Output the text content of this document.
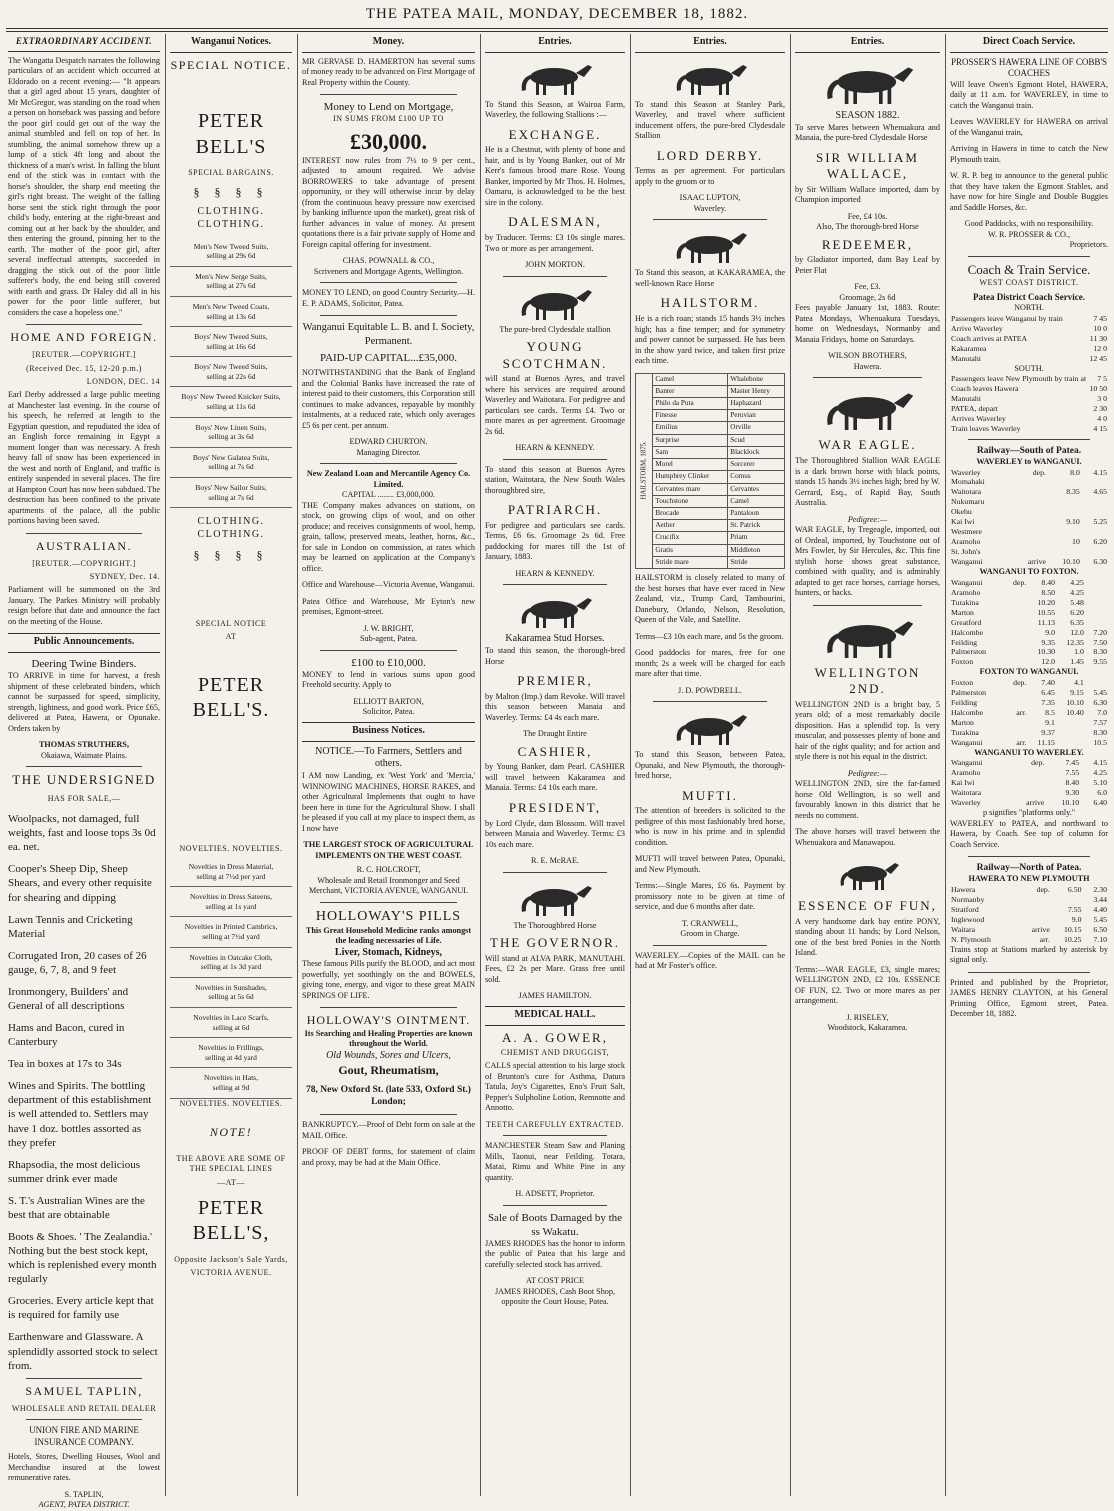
THE PATEA MAIL, MONDAY, DECEMBER 18, 1882.
EXTRAORDINARY ACCIDENT.
The Wangatta Despatch narrates the following particulars of an accident which occurred at Eldorado on a recent evening:— "It appears that a girl aged about 15 years, daughter of Mr McGregor, was standing on the road when a person on horseback was passing and before the poor girl could get out of the way the animal stumbled and fell on top of her. In stumbling, the animal somehow threw up a lump of a stick 4ft long and about the thickness of a man's wrist. In falling the blunt end of the stick was in contact with the horse's shoulder, the sharp end meeting the girl's right breast. The weight of the falling horse sent the stick right through the poor child's body, entering at the right-breast and coming out at her back by the shoulder, and then entering the ground, pinning her to the earth. The mother of the poor girl, after several ineffectual attempts, succeeded in dragging the stick out of the poor little sufferer's body, the end being still covered with earth and grass. Dr Haley did all in his power for the poor little sufferer, but considers the case a hopeless one."
HOME AND FOREIGN.
[REUTER.—COPYRIGHT.]
(Received Dec. 15, 12-20 p.m.)
LONDON, DEC. 14
Earl Derby addressed a large public meeting at Manchester last evening. In the course of his speech, he referred at length to the Egyptian question, and repudiated the idea of an English force remaining in Egypt a moment longer than was necessary. A fresh heavy fall of snow has been experienced in the west and north of England, and traffic is entirely suspended in several places. The fire at Hampton Court has now been subdued. The destruction has been confined to the private apartments of the palace, all the public portions having been saved.
AUSTRALIAN.
[REUTER.—COPYRIGHT.]
SYDNEY, Dec. 14.
Parliament will be summoned on the 3rd January. The Parkes Ministry will probably resign before that date and announce the fact on the meeting of the House.
Public Announcements.
Deering Twine Binders.
TO ARRIVE in time for harvest, a fresh shipment of these celebrated binders, which cannot be surpassed for speed, simplicity, strength, lightness, and good work. Price £65, delivered at Patea, Hawera, or Opunake. Orders taken by
THOMAS STRUTHERS,
Okaiawa, Waimate Plains.
THE UNDERSIGNED
HAS FOR SALE,—
Woolpacks, not damaged, full weights, fast and loose tops 3s 0d ea. net.
Cooper's Sheep Dip, Sheep Shears, and every other requisite for shearing and dipping
Lawn Tennis and Cricketing Material
Corrugated Iron, 20 cases of 26 gauge, 6, 7, 8, and 9 feet
Ironmongery, Builders' and General of all descriptions
Hams and Bacon, cured in Canterbury
Tea in boxes at 17s to 34s
Wines and Spirits. The bottling department of this establishment is well attended to. Settlers may have 1 doz. bottles assorted as they prefer
Rhapsodia, the most delicious summer drink ever made
S. T.'s Australian Wines are the best that are obtainable
Boots & Shoes. ' The Zealandia.' Nothing but the best stock kept, which is replenished every month regularly
Groceries. Every article kept that is required for family use
Earthenware and Glassware. A splendidly assorted stock to select from.
SAMUEL TAPLIN,
WHOLESALE AND RETAIL DEALER
UNION FIRE AND MARINE INSURANCE COMPANY.
Hotels, Stores, Dwelling Houses, Wool and Merchandise insured at the lowest remunerative rates.
S. TAPLIN,
AGENT, PATEA DISTRICT.
Wanganui Notices.
SPECIAL NOTICE.
PETER BELL'S
SPECIAL BARGAINS.
§ § § §
CLOTHING. CLOTHING.
Men's New Tweed Suits,
selling at 29s 6d
Men's New Serge Suits,
selling at 27s 6d
Men's New Tweed Coats,
selling at 13s 6d
Boys' New Tweed Suits,
selling at 16s 6d
Boys' New Tweed Suits,
selling at 22s 6d
Boys' New Tweed Knicker Suits,
selling at 11s 6d
Boys' New Linen Suits,
selling at 3s 6d
Boys' New Galatea Suits,
selling at 7s 6d
Boys' New Sailor Suits,
selling at 7s 6d
CLOTHING. CLOTHING.
§ § § §
SPECIAL NOTICE
AT
PETER BELL'S.
NOVELTIES. NOVELTIES.
Novelties in Dress Material,
selling at 7½d per yard
Novelties in Dress Sateens,
selling at 1s yard
Novelties in Printed Cambrics,
selling at 7½d yard
Novelties in Oatcake Cloth,
selling at 1s 3d yard
Novelties in Sunshades,
selling at 5s 6d
Novelties in Lace Scarfs,
selling at 6d
Novelties in Frillings,
selling at 4d yard
Novelties in Hats,
selling at 9d
NOVELTIES. NOVELTIES.
NOTE!
THE ABOVE ARE SOME OF THE SPECIAL LINES
—AT—
PETER BELL'S,
Opposite Jackson's Sale Yards,
VICTORIA AVENUE.
Money.
MR GERVASE D. HAMERTON has several sums of money ready to be advanced on First Mortgage of Real Property within the County.
Money to Lend on Mortgage,
IN SUMS FROM £100 UP TO
£30,000.
INTEREST now rules from 7½ to 9 per cent., adjusted to amount required. We advise BORROWERS to take advantage of present opportunity, or they will otherwise incur by delay (from the continuous heavy pressure now exercised by banking influence upon the market), great risk of further advances in value of money. At present quotations there is a fair private supply of Home and Foreign capital offering for investment.
CHAS. POWNALL & CO.,
Scriveners and Mortgage Agents, Wellington.
MONEY TO LEND, on good Country Security.—H. E. P. ADAMS, Solicitor, Patea.
Wanganui Equitable L. B. and I. Society, Permanent.
PAID-UP CAPITAL...£35,000.
NOTWITHSTANDING that the Bank of England and the Colonial Banks have increased the rate of interest paid to their customers, this Corporation still continues to make advances, repayable by monthly instalments, at a reduced rate, which only averages £5 6s per cent. per annum.
EDWARD CHURTON.
Managing Director.
New Zealand Loan and Mercantile Agency Co. Limited.
CAPITAL ........ £3,000,000.
THE Company makes advances on stations, on stock, on growing clips of wool, and on other produce; and receives consignments of wool, hemp, grain, tallow, preserved meats, leather, horns, &c., for sale in London on commission, at rates which may be learned on application at the Company's office.
Office and Warehouse—Victoria Avenue, Wanganui.
Patea Office and Warehouse, Mr Eyton's new premises, Egmont-street.
J. W. BRIGHT,
Sub-agent, Patea.
£100 to £10,000.
MONEY to lend in various sums upon good Freehold security. Apply to
ELLIOTT BARTON,
Solicitor, Patea.
Business Notices.
NOTICE.—To Farmers, Settlers and others.
I AM now Landing, ex 'West York' and 'Mercia,' WINNOWING MACHINES, HORSE RAKES, and other Agricultural Implements that ought to have been here in time for the Agricultural Show. I shall be pleased if you call at my place to inspect them, as I now have
THE LARGEST STOCK OF AGRICULTURAL IMPLEMENTS ON THE WEST COAST.
R. C. HOLCROFT,
Wholesale and Retail Ironmonger and Seed Merchant, VICTORIA AVENUE, WANGANUI.
HOLLOWAY'S PILLS
This Great Household Medicine ranks amongst the leading necessaries of Life.
Liver, Stomach, Kidneys,
These famous Pills purify the BLOOD, and act most powerfully, yet soothingly on the and BOWELS, giving tone, energy, and vigor to these great MAIN SPRINGS OF LIFE.
HOLLOWAY'S OINTMENT.
Its Searching and Healing Properties are known throughout the World.
Old Wounds, Sores and Ulcers,
Gout, Rheumatism,
78, New Oxford St. (late 533, Oxford St.) London;
BANKRUPTCY.—Proof of Debt form on sale at the MAIL Office.
PROOF OF DEBT forms, for statement of claim and proxy, may be had at the Main Office.
Entries.
To Stand this Season, at Wairoa Farm, Waverley, the following Stallions :—
EXCHANGE.
He is a Chestnut, with plenty of bone and hair, and is by Young Banker, out of Mr Kerr's famous brood mare Rose. Young Banker, imported by Mr Thos. H. Holmes, Oamaru, is acknowledged to be the best sire in the colony.
DALESMAN,
by Traducer. Terms: £3 10s single mares. Two or more as per arrangement.
JOHN MORTON.
The pure-bred Clydesdale stallion
YOUNG SCOTCHMAN.
will stand at Buenos Ayres, and travel where his services are required around Waverley and Waitotara. For pedigree and particulars see cards. Terms £4. Two or more mares as per agreement. Groomage 2s 6d.
HEARN & KENNEDY.
To stand this season at Buenos Ayres station, Waitotara, the New South Wales thoroughbred sire,
PATRIARCH.
For pedigree and particulars see cards. Terms, £6 6s. Groomage 2s 6d. Free paddocking for mares till the 1st of January, 1883.
HEARN & KENNEDY.
Kakaramea Stud Horses.
To stand this season, the thorough-bred Horse
PREMIER,
by Malton (Imp.) dam Revoke. Will travel this season between Manaia and Waverley. Terms: £4 4s each mare.
The Draught Entire
CASHIER,
by Young Banker, dam Pearl. CASHIER will travel between Kakaramea and Manaia. Terms: £4 10s each mare.
PRESIDENT,
by Lord Clyde, dam Blossom. Will travel between Manaia and Waverley. Terms: £3 10s each mare.
R. E. McRAE.
The Thoroughbred Horse
THE GOVERNOR.
Will stand at ALVA PARK, MANUTAHI. Fees, £2 2s per Mare. Grass free until sold.
JAMES HAMILTON.
MEDICAL HALL.
A. A. GOWER,
CHEMIST AND DRUGGIST,
CALLS special attention to his large stock of Brunton's cure for Asthma, Datura Tatula, Joy's Cigarettes, Eno's Fruit Salt, Pepper's Sulpholine Lotion, Remnotte and Annotto.
TEETH CAREFULLY EXTRACTED.
MANCHESTER Steam Saw and Planing Mills, Taonui, near Feilding. Totara, Matai, Rimu and White Pine in any quantity.
H. ADSETT, Proprietor.
Sale of Boots Damaged by the ss Wakatu.
JAMES RHODES has the honor to inform the public of Patea that his large and carefully selected stock has arrived.
AT COST PRICE
JAMES RHODES, Cash Boot Shop, opposite the Court House, Patea.
Entries.
To stand this Season at Stanley Park, Waverley, and travel where sufficient inducement offers, the pure-bred Clydesdale Stallion
LORD DERBY.
Terms as per agreement. For particulars apply to the groom or to
ISAAC LUPTON,
Waverley.
To Stand this season, at KAKARAMEA, the well-known Race Horse
HAILSTORM.
He is a rich roan; stands 15 hands 3½ inches high; has a fine temper; and for symmetry and power cannot be surpassed. He has been in the show yard twice, and taken first prize each time.
HAILSTORM, 1875.	Camel	Whalebone
	Banter	Master Henry
	Philo da Puta	Haphazard
	Finesse	Peruvian
	Emilius	Orville
	Surprise	Scud
	Sam	Blacklock
	Morel	Sorcerer
	Humphrey Clinker	Comus
	Cervantes mare	Cervantes
	Touchstone	Camel
	Brocade	Pantaloon
	Aether	St. Patrick
	Crucifix	Priam
	Gratis	Middleton
	Stride mare	Stride
HAILSTORM is closely related to many of the best horses that have ever raced in New Zealand, viz., Trump Card, Tambourini, Danebury, Orlando, Nelson, Resolution, Queen of the Vale, and Satellite.
Terms—£3 10s each mare, and 5s the groom.
Good paddocks for mares, free for one month; 2s a week will be charged for each mare after that time.
J. D. POWDRELL.
To stand this Season, between Patea, Opunaki, and New Plymouth, the thorough-bred horse,
MUFTI.
The attention of breeders is solicited to the pedigree of this most fashionably bred horse, who is now in his prime and in splendid condition.
MUFTI will travel between Patea, Opunaki, and New Plymouth.
Terms:—Single Mares, £6 6s. Payment by promissory note to be given at time of service, and due 6 months after date.
T. CRANWELL,
Groom in Charge.
WAVERLEY.—Copies of the MAIL can be had at Mr Foster's office.
Entries.
SEASON 1882.
To serve Mares between Whenuakura and Manaia, the pure-bred Clydesdale Horse
SIR WILLIAM WALLACE,
by Sir William Wallace imported, dam by Champion imported
Fee, £4 10s.
Also, The thorough-bred Horse
REDEEMER,
by Gladiator imported, dam Bay Leaf by Peter Flat
Fee, £3.
Groomage, 2s 6d
Fees payable January 1st, 1883. Route: Patea Mondays, Whenuakura Tuesdays, home on Wednesdays, Normanby and Manaia Fridays, home on Saturdays.
WILSON BROTHERS,
Hawera.
WAR EAGLE.
The Thoroughbred Stallion WAR EAGLE is a dark brown horse with black points, stands 15 hands 3½ inches high; bred by W. Gerrard, Esq., of Rapid Bay, South Australia.
Pedigree:—
WAR EAGLE, by Tregeagle, imported, out of Ordeal, imported, by Touchstone out of Mrs Fowler, by Sir Hercules, &c. This fine stylish horse shows great substance, combined with quality, and is admirably adapted to get race horses, carriage horses, hunters, or hacks.
WELLINGTON 2ND.
WELLINGTON 2ND is a bright bay, 5 years old; of a most remarkably docile disposition. Has a splendid top. Is very muscular, and possesses plenty of bone and hair of the right quality; and for action and style there is not his equal in the district.
Pedigree:—
WELLINGTON 2ND, sire the far-famed horse Old Wellington, is so well and favourably known in this district that he needs no comment.
The above horses will travel between the Whenuakura and Manawapou.
ESSENCE OF FUN,
A very handsome dark bay entire PONY, standing about 11 hands; by Lord Nelson, one of the best bred Ponies in the North Island.
Terms:—WAR EAGLE, £3, single mares; WELLINGTON 2ND, £2 10s. ESSENCE OF FUN, £2. Two or more mares as per arrangement.
J. RISELEY,
Woodstock, Kakaramea.
Direct Coach Service.
PROSSER'S HAWERA LINE OF COBB'S COACHES
Will leave Owen's Egmont Hotel, HAWERA, daily at 11 a.m. for WAVERLEY, in time to catch the Wanganui train.
Leaves WAVERLEY for HAWERA on arrival of the Wanganui train,
Arriving in Hawera in time to catch the New Plymouth train.
W. R. P. beg to announce to the general public that they have taken the Egmont Stables, and have now for hire Single and Double Buggies and Saddle Horses, &c.
Good Paddocks, with no responsibility.
W. R. PROSSER & CO.,
Proprietors.
Coach & Train Service.
WEST COAST DISTRICT.
Patea District Coach Service.
NORTH.
Passengers leave Wanganui by train	7 45
Arrive Waverley	10 0
Coach arrives at PATEA	11 30
Kakaramea	12 0
Manutahi	12 45
SOUTH.
Passengers leave New Plymouth by train at	7 5
Coach leaves Hawera	10 50
Manutahi	3 0
PATEA, depart	2 30
Arrives Waverley	4 0
Train leaves Waverley	4 15
Railway—South of Patea.
WAVERLEY to WANGANUI.
Waverley	dep.	8.0	4.15
Momahaki			
Waitotara		8.35	4.65
Nukumaru			
Okehu			
Kai Iwi		9.10	5.25
Westmere			
Aramoho		10	6.20
St. John's			
Wanganui	arrive	10.10	6.30
WANGANUI TO FOXTON.
Wanganui	dep.	8.40	4.25	
Aramoho		8.50	4.25	
Turakina		10.20	5.48	
Marton		10.55	6.20	
Greatford		11.13	6.35	
Halcombe		9.0	12.0	7.20
Feilding		9.35	12.35	7.50
Palmerston		10.30	1.0	8.30
Foxton		12.0	1.45	9.55
FOXTON TO WANGANUI.
Foxton	dep.	7.40	4.1	
Palmerston		6.45	9.15	5.45
Feilding		7.35	10.10	6.30
Halcombe	arr.	8.5	10.40	7.0
Marton		9.1		7.57
Turakina		9.37		8.30
Wanganui	arr.	11.15		10.5
WANGANUI TO WAVERLEY.
Wanganui	dep.	7.45	4.15
Aramoho		7.55	4.25
Kai Iwi		8.40	5.10
Waitotara		9.30	6.0
Waverley	arrive	10.10	6.40
p signifies "platforms only."
WAVERLEY to PATEA, and northward to Hawera, by Coach. See top of column for Coach Service.
Railway—North of Patea.
HAWERA TO NEW PLYMOUTH
Hawera	dep.	6.50	2.30
Normanby			3.44
Stratford		7.55	4.40
Inglewood		9.0	5.45
Waitara	arrive	10.15	6.50
N. Plymouth	arr.	10.25	7.10
Trains stop at Stations marked by asterisk by signal only.
Printed and published by the Proprietor, JAMES HENRY CLAYTON, at his General Printing Office, Egmont street, Patea. December 18, 1882.
